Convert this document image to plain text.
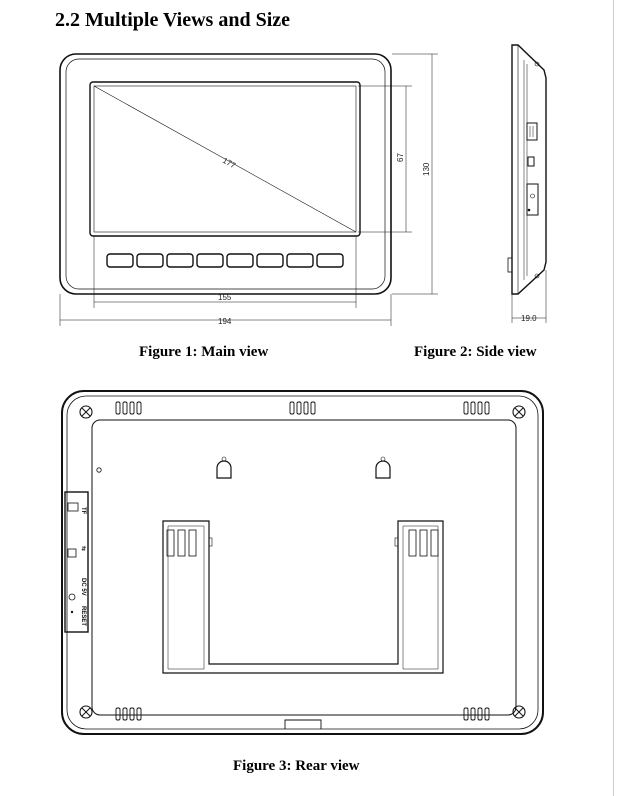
2.2 Multiple Views and Size
177	67
130
155
194	19.0
TF
⇆
DC 5V
RESET
Figure 1: Main view	Figure 2: Side view
Figure 3: Rear view
